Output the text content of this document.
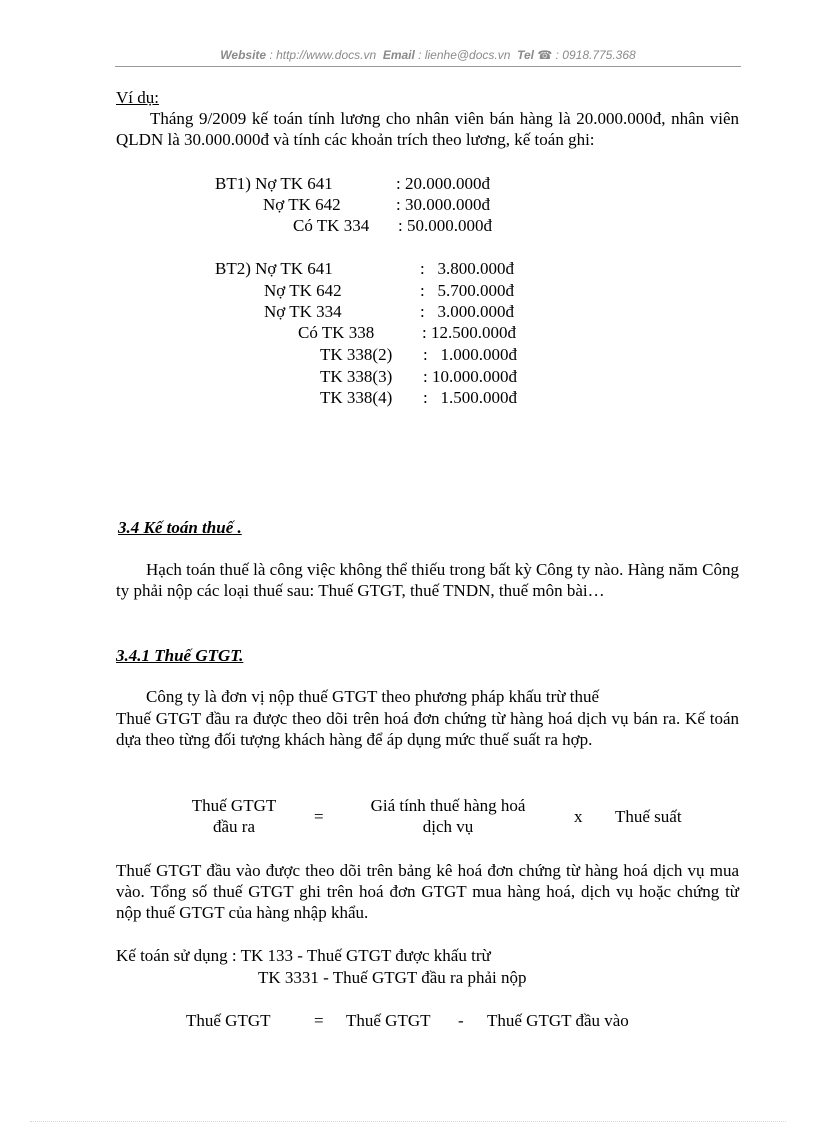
Website : http://www.docs.vn Email : lienhe@docs.vn Tel ☎ : 0918.775.368
Ví dụ:
Tháng 9/2009 kế toán tính lương cho nhân viên bán hàng là 20.000.000đ, nhân viên QLDN là 30.000.000đ và tính các khoản trích theo lương, kế toán ghi:
BT1) Nợ TK 641	: 20.000.000đ
Nợ TK 642	: 30.000.000đ
Có TK 334 : 50.000.000đ
BT2) Nợ TK 641	:   3.800.000đ
Nợ TK 642	:   5.700.000đ
Nợ TK 334	:   3.000.000đ
Có TK 338	: 12.500.000đ
TK 338(2) :   1.000.000đ
TK 338(3) : 10.000.000đ
TK 338(4) :   1.500.000đ
3.4 Kế toán thuế .
Hạch toán thuế là công việc không thể thiếu trong bất kỳ Công ty nào. Hàng năm Công ty phải nộp các loại thuế sau: Thuế GTGT, thuế TNDN, thuế môn bài…
3.4.1 Thuế GTGT.
Công ty là đơn vị nộp thuế GTGT theo phương pháp khấu trừ thuế
Thuế GTGT đầu ra được theo dõi trên hoá đơn chứng từ hàng hoá dịch vụ bán ra. Kế toán dựa theo từng đối tượng khách hàng để áp dụng mức thuế suất ra hợp.
Thuế GTGT
đầu ra
=
Giá tính thuế hàng hoá
dịch vụ
x Thuế suất
Thuế GTGT đầu vào được theo dõi trên bảng kê hoá đơn chứng từ hàng hoá dịch vụ mua vào. Tổng số thuế GTGT ghi trên hoá đơn GTGT mua hàng hoá, dịch vụ hoặc chứng từ nộp thuế GTGT của hàng nhập khẩu.
Kế toán sử dụng : TK 133 - Thuế GTGT được khấu trừ
TK 3331 - Thuế GTGT đầu ra phải nộp
Thuế GTGT	= Thuế GTGT - Thuế GTGT đầu vào
